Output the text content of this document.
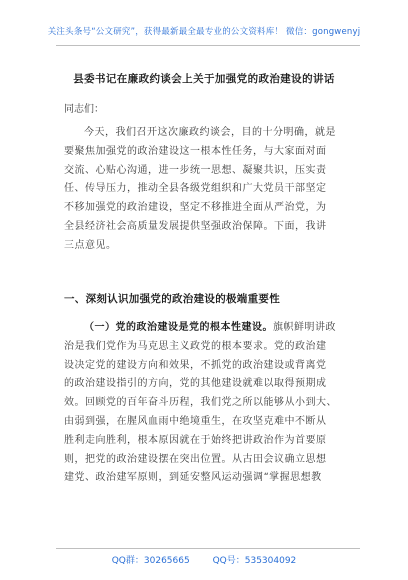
关注头条号“公文研究”，获得最新最全最专业的公文资料库！ 微信：gongwenyj
县委书记在廉政约谈会上关于加强党的政治建设的讲话
同志们：
今天，我们召开这次廉政约谈会，目的十分明确，就是
要聚焦加强党的政治建设这一根本性任务，与大家面对面
交流、心贴心沟通，进一步统一思想、凝聚共识，压实责
任、传导压力，推动全县各级党组织和广大党员干部坚定
不移加强党的政治建设，坚定不移推进全面从严治党，为
全县经济社会高质量发展提供坚强政治保障。下面，我讲
三点意见。
一、深刻认识加强党的政治建设的极端重要性
（一）党的政治建设是党的根本性建设。旗帜鲜明讲政
治是我们党作为马克思主义政党的根本要求。党的政治建
设决定党的建设方向和效果，不抓党的政治建设或背离党
的政治建设指引的方向，党的其他建设就难以取得预期成
效。回顾党的百年奋斗历程，我们党之所以能够从小到大、
由弱到强，在腥风血雨中绝境重生，在攻坚克难中不断从
胜利走向胜利，根本原因就在于始终把讲政治作为首要原
则，把党的政治建设摆在突出位置。从古田会议确立思想
建党、政治建军原则，到延安整风运动强调“掌握思想教
QQ群：30265665	QQ号：535304092
